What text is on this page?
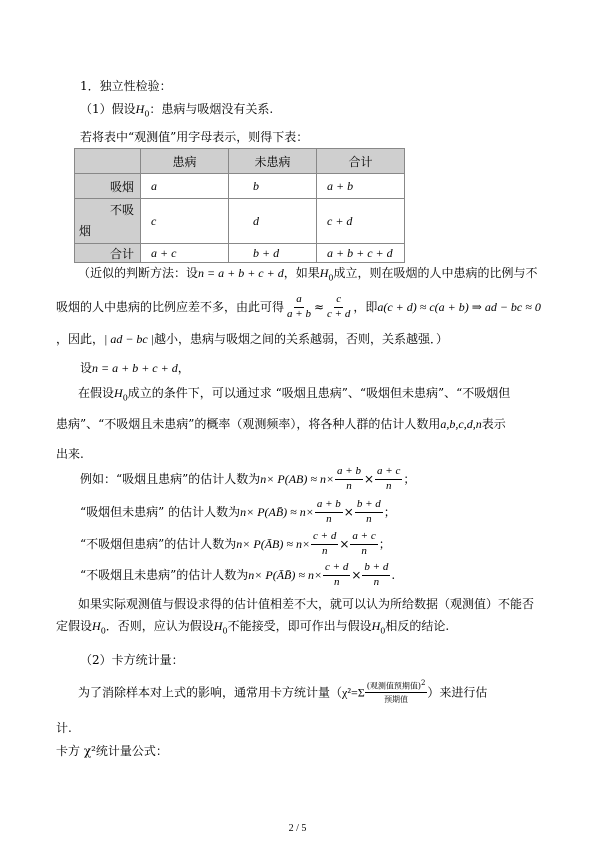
1．独立性检验：
（1）假设$H_0$：患病与吸烟没有关系.
若将表中“观测值”用字母表示，则得下表：
	患病	未患病	合计
吸烟	a	b	a + b

不吸
烟	c	d	c + d
合计	a + c	b + d	a + b + c + d
（近似的判断方法：设n = a + b + c + d，如果$H_0$成立，则在吸烟的人中患病的比例与不
吸烟的人中患病的比例应差不多，由此可得 $\frac{a}{a + b} \approx \frac{c}{c + d}$ ，即a(c + d) ≈ c(a + b) ⇒ ad − bc ≈ 0
，因此，| ad − bc |越小，患病与吸烟之间的关系越弱，否则，关系越强．）
设n = a + b + c + d，
在假设$H_0$成立的条件下，可以通过求 “吸烟且患病”、“吸烟但未患病”、“不吸烟但
患病”、“不吸烟且未患病”的概率（观测频率），将各种人群的估计人数用a,b,c,d,n表示
出来.
例如：“吸烟且患病”的估计人数为$n\times P(AB) \approx n\times \frac{a + b}{n} \times \frac{a + c}{n}$ ；
“吸烟但未患病” 的估计人数为n× P(AB̄) ≈ $n\times \frac{a + b}{n} \times \frac{b + d}{n}$ ；
“不吸烟但患病”的估计人数为n× P(ĀB) ≈ $n\times \frac{c + d}{n} \times \frac{a + c}{n}$ ；
“不吸烟且未患病”的估计人数为n× P(ĀB̄) ≈ $n\times \frac{c + d}{n} \times \frac{b + d}{n}$ .
如果实际观测值与假设求得的估计值相差不大，就可以认为所给数据（观测值）不能否
定假设$H_0$．否则，应认为假设$H_0$不能接受，即可作出与假设$H_0$相反的结论.
（2）卡方统计量：
为了消除样本对上式的影响，通常用卡方统计量（χ²=Σ (观测值预期值)$^2$
预期值
）来进行估
计.
卡方 χ²统计量公式：
2 / 5
